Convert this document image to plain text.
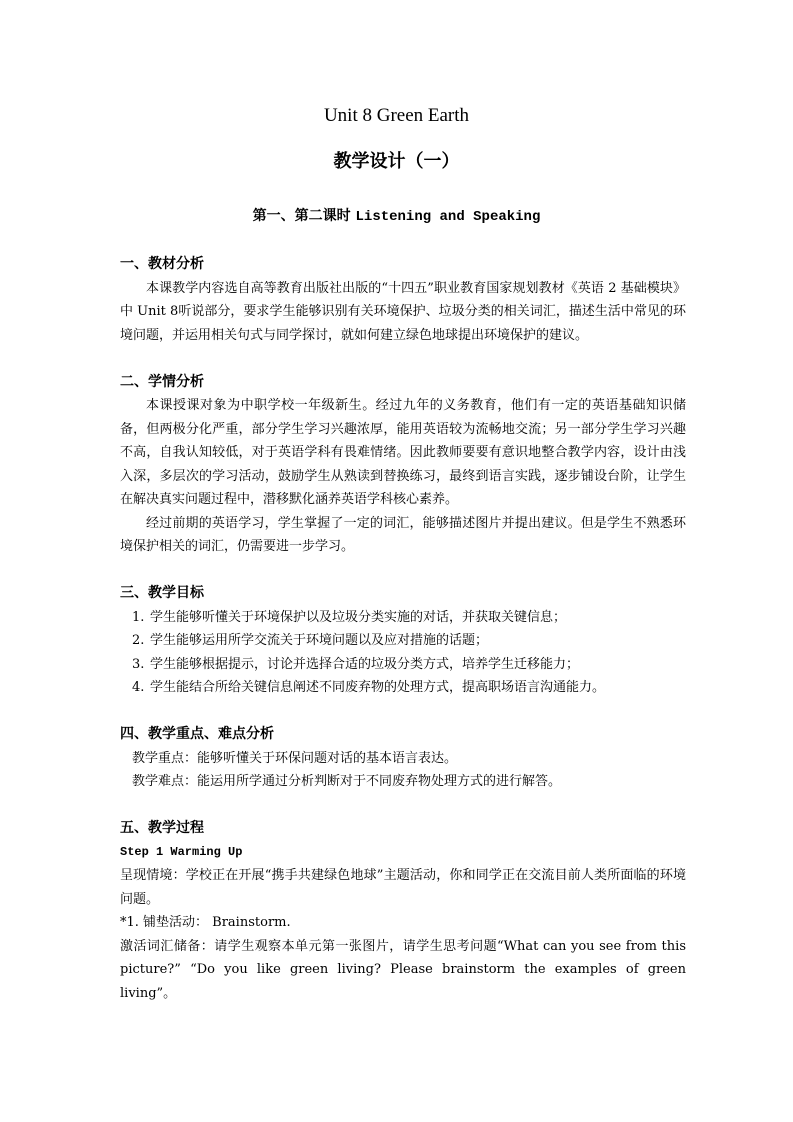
Unit 8 Green Earth
教学设计（一）
第一、第二课时 Listening and Speaking

一、教材分析

本课教学内容选自高等教育出版社出版的“十四五”职业教育国家规划教材《英语 2 基础模块》中 Unit 8听说部分，要求学生能够识别有关环境保护、垃圾分类的相关词汇，描述生活中常见的环境问题，并运用相关句式与同学探讨，就如何建立绿色地球提出环境保护的建议。

二、学情分析

本课授课对象为中职学校一年级新生。经过九年的义务教育，他们有一定的英语基础知识储备，但两极分化严重，部分学生学习兴趣浓厚，能用英语较为流畅地交流；另一部分学生学习兴趣不高，自我认知较低，对于英语学科有畏难情绪。因此教师要要有意识地整合教学内容，设计由浅入深，多层次的学习活动，鼓励学生从熟读到替换练习，最终到语言实践，逐步铺设台阶，让学生在解决真实问题过程中，潜移默化涵养英语学科核心素养。

经过前期的英语学习，学生掌握了一定的词汇，能够描述图片并提出建议。但是学生不熟悉环境保护相关的词汇，仍需要进一步学习。

三、教学目标

1. 学生能够听懂关于环境保护以及垃圾分类实施的对话，并获取关键信息；
2. 学生能够运用所学交流关于环境问题以及应对措施的话题；
3. 学生能够根据提示，讨论并选择合适的垃圾分类方式，培养学生迁移能力；
4. 学生能结合所给关键信息阐述不同废弃物的处理方式，提高职场语言沟通能力。

四、教学重点、难点分析

教学重点：能够听懂关于环保问题对话的基本语言表达。

教学难点：能运用所学通过分析判断对于不同废弃物处理方式的进行解答。

五、教学过程

Step 1 Warming Up

呈现情境：学校正在开展“携手共建绿色地球”主题活动，你和同学正在交流目前人类所面临的环境问题。

*1. 铺垫活动： Brainstorm.

激活词汇储备：请学生观察本单元第一张图片，请学生思考问题“What can you see from this picture?” “Do you like green living? Please brainstorm the examples of green living”。
